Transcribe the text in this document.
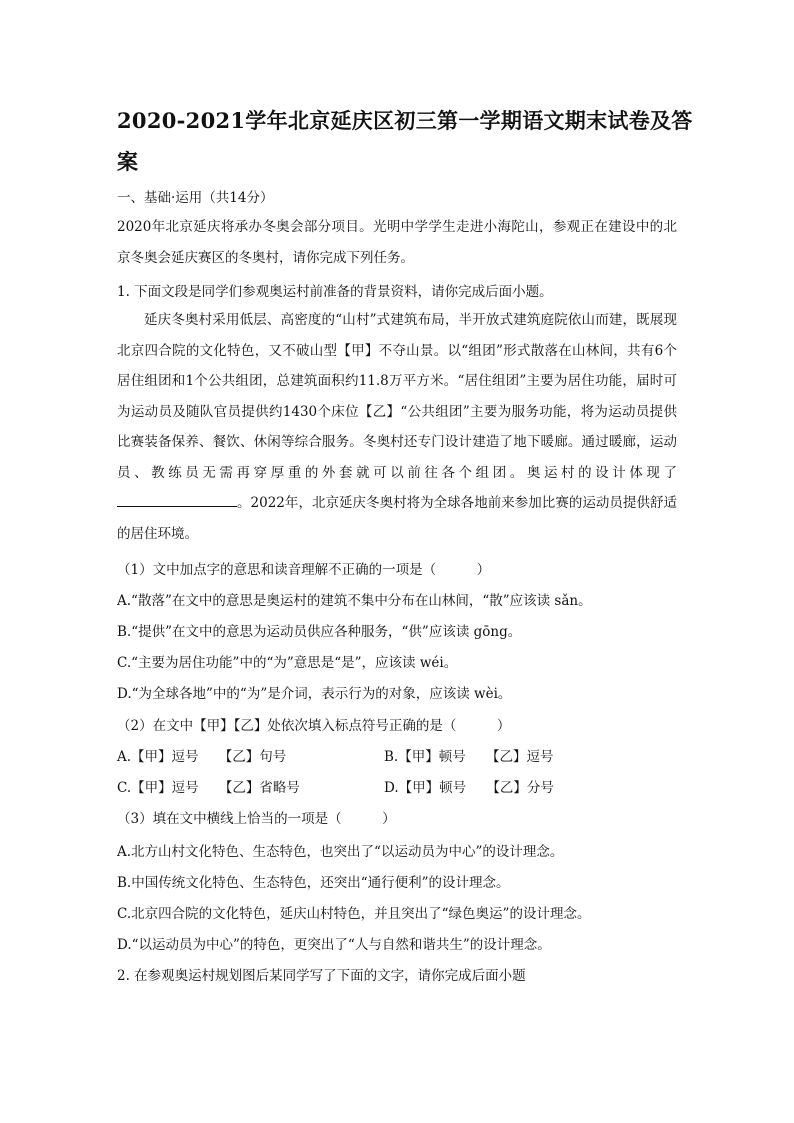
2020-2021学年北京延庆区初三第一学期语文期末试卷及答案
一、基础·运用（共14分）
2020年北京延庆将承办冬奥会部分项目。光明中学学生走进小海陀山，参观正在建设中的北京冬奥会延庆赛区的冬奥村，请你完成下列任务。
1. 下面文段是同学们参观奥运村前准备的背景资料，请你完成后面小题。
延庆冬奥村采用低层、高密度的“山村”式建筑布局，半开放式建筑庭院依山而建，既展现北京四合院的文化特色，又不破山型【甲】不夺山景。以“组团”形式散落在山林间，共有6个居住组团和1个公共组团，总建筑面积约11.8万平方米。“居住组团”主要为居住功能，届时可为运动员及随队官员提供约1430个床位【乙】“公共组团”主要为服务功能，将为运动员提供比赛装备保养、餐饮、休闲等综合服务。冬奥村还专门设计建造了地下暖廊。通过暖廊，运动员、教练员无需再穿厚重的外套就可以前往各个组团。奥运村的设计体现了。2022年，北京延庆冬奥村将为全球各地前来参加比赛的运动员提供舒适的居住环境。
（1）文中加点字的意思和读音理解不正确的一项是（　　　）
A.“散落”在文中的意思是奥运村的建筑不集中分布在山林间，“散”应该读 sǎn。
B.“提供”在文中的意思为运动员供应各种服务，“供”应该读 gōng。
C.“主要为居住功能”中的“为”意思是“是”，应该读 wéi。
D.“为全球各地”中的“为”是介词，表示行为的对象，应该读 wèi。
（2）在文中【甲】【乙】处依次填入标点符号正确的是（　　　）
A.【甲】逗号　　【乙】句号	B.【甲】顿号　　【乙】逗号
C.【甲】逗号　　【乙】省略号	D.【甲】顿号　　【乙】分号
（3）填在文中横线上恰当的一项是（　　　）
A.北方山村文化特色、生态特色，也突出了“以运动员为中心”的设计理念。
B.中国传统文化特色、生态特色，还突出“通行便利”的设计理念。
C.北京四合院的文化特色，延庆山村特色，并且突出了“绿色奥运”的设计理念。
D.“以运动员为中心”的特色，更突出了“人与自然和谐共生”的设计理念。
2. 在参观奥运村规划图后某同学写了下面的文字，请你完成后面小题
